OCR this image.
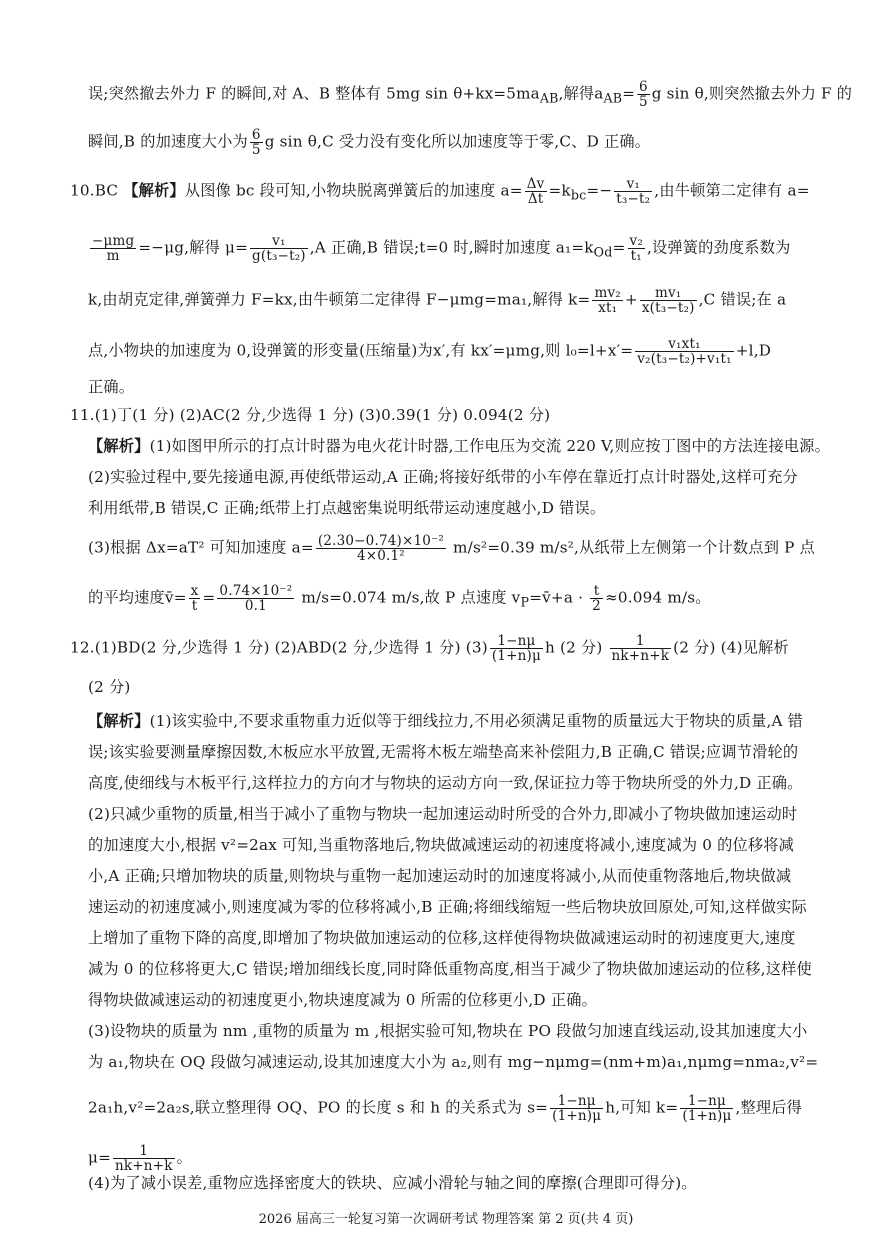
误;突然撤去外力 F 的瞬间,对 A、B 整体有 5mg $\sin \theta+kx=5ma_{AB}$,解得$a_{AB}= \frac{6}{5}$ g sin θ,则突然撤去外力 F 的
瞬间,B 的加速度大小为 $\frac{6}{5}$ g sin θ,C 受力没有变化所以加速度等于零,C、D 正确。
10.BC 【解析】从图像 bc 段可知,小物块脱离弹簧后的加速度 $a= \frac{\Delta v}{\Delta t} =k_{bc}=- \frac{\text{v₁}}{\text{t₃−t₂}}$ ,由牛顿第二定律有 a=
$\frac{\text{−μmg}}{m} =-\mu g$,解得 $\mu= \frac{\text{v₁}}{\text{g(t₃−t₂)}} ,A$ 正确,B 错误;t=0 时,瞬时加速度 $a_1=k_{Od}= \frac{\text{v₂}}{\text{t₁}}$ ,设弹簧的劲度系数为
k,由胡克定律,弹簧弹力 F=kx,由牛顿第二定律得 F−μmg=ma₁,解得 $k= \frac{\text{mv₂}}{\text{xt₁}} + \frac{\text{mv₁}}{\text{x(t₃−t₂)}} ,C$ 错误;在 a
点,小物块的加速度为 0,设弹簧的形变量(压缩量)为x′,有 kx′=μmg,则 $l_0=l+x'= \frac{\text{v₁xt₁}}{\text{v₂(t₃−t₂)+v₁t₁}} +l,D$
正确。
11.(1)丁(1 分) (2)AC(2 分,少选得 1 分) (3)0.39(1 分) 0.094(2 分)
【解析】(1)如图甲所示的打点计时器为电火花计时器,工作电压为交流 220 V,则应按丁图中的方法连接电源。
(2)实验过程中,要先接通电源,再使纸带运动,A 正确;将接好纸带的小车停在靠近打点计时器处,这样可充分
利用纸带,B 错误,C 正确;纸带上打点越密集说明纸带运动速度越小,D 错误。
(3)根据 Δx=aT² 可知加速度 $a= \frac{\text{(2.30−0.74)×10⁻²}}{\text{4×0.1²}} m/s^2=0.39$ m/s²,从纸带上左侧第一个计数点到 P 点
的平均速度v̄= $\frac{x}{t} = \frac{\text{0.74×10⁻²}}{0.1} m/s=0.074$ m/s,故 P 点速度 $v_P=v̄+a \cdot \frac{t}{2} \approx 0.094$ m/s。
12.(1)BD(2 分,少选得 1 分) (2)ABD(2 分,少选得 1 分) $(3) \frac{1-n\mu}{(1+n)\mu}$ h (2 分) $\frac{1}{nk+n+k} (2$ 分) (4)见解析
(2 分)
【解析】(1)该实验中,不要求重物重力近似等于细线拉力,不用必须满足重物的质量远大于物块的质量,A 错
误;该实验要测量摩擦因数,木板应水平放置,无需将木板左端垫高来补偿阻力,B 正确,C 错误;应调节滑轮的
高度,使细线与木板平行,这样拉力的方向才与物块的运动方向一致,保证拉力等于物块所受的外力,D 正确。
(2)只减少重物的质量,相当于减小了重物与物块一起加速运动时所受的合外力,即减小了物块做加速运动时
的加速度大小,根据 v²=2ax 可知,当重物落地后,物块做减速运动的初速度将减小,速度减为 0 的位移将减
小,A 正确;只增加物块的质量,则物块与重物一起加速运动时的加速度将减小,从而使重物落地后,物块做减
速运动的初速度减小,则速度减为零的位移将减小,B 正确;将细线缩短一些后物块放回原处,可知,这样做实际
上增加了重物下降的高度,即增加了物块做加速运动的位移,这样使得物块做减速运动时的初速度更大,速度
减为 0 的位移将更大,C 错误;增加细线长度,同时降低重物高度,相当于减少了物块做加速运动的位移,这样使
得物块做减速运动的初速度更小,物块速度减为 0 所需的位移更小,D 正确。
(3)设物块的质量为 nm ,重物的质量为 m ,根据实验可知,物块在 PO 段做匀加速直线运动,设其加速度大小
为 a₁,物块在 OQ 段做匀减速运动,设其加速度大小为 a₂,则有 mg−nμmg=(nm+m)a₁,nμmg=nma₂,v²=
2a₁h,v²=2a₂s,联立整理得 OQ、PO 的长度 s 和 h 的关系式为 $s= \frac{1-n\mu}{(1+n)\mu} h$,可知 $k= \frac{1-n\mu}{(1+n)\mu}$ ,整理后得
$\mu= \frac{1}{nk+n+k}$ 。
(4)为了减小误差,重物应选择密度大的铁块、应减小滑轮与轴之间的摩擦(合理即可得分)。
2026 届高三一轮复习第一次调研考试 物理答案 第 2 页(共 4 页)
